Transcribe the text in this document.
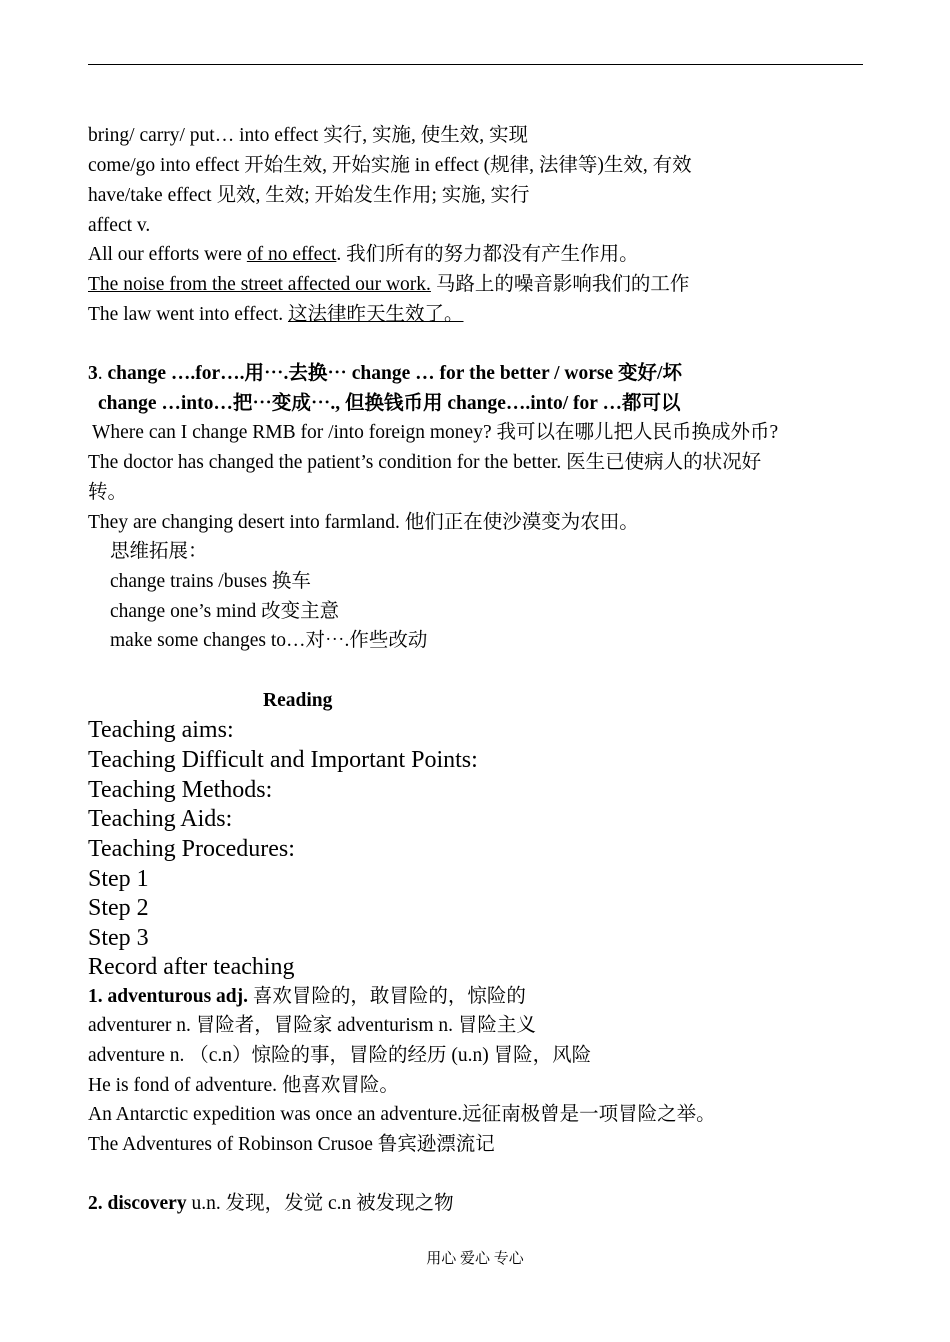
bring/ carry/ put… into effect 实行, 实施, 使生效, 实现
come/go into effect 开始生效, 开始实施 in effect (规律, 法律等)生效, 有效
have/take effect 见效, 生效; 开始发生作用; 实施, 实行
affect v.
All our efforts were of no effect. 我们所有的努力都没有产生作用。
The noise from the street affected our work. 马路上的噪音影响我们的工作
The law went into effect. 这法律昨天生效了。
3. change ….for….用⋯.去换⋯ change … for the better / worse 变好/坏
change …into…把⋯变成⋯., 但换钱币用 change….into/ for …都可以
Where can I change RMB for /into foreign money? 我可以在哪儿把人民币换成外币?
The doctor has changed the patient’s condition for the better. 医生已使病人的状况好
转。
They are changing desert into farmland. 他们正在使沙漠变为农田。
思维拓展：
change trains /buses 换车
change one’s mind 改变主意
make some changes to…对⋯.作些改动
Reading
Teaching aims:
Teaching Difficult and Important Points:
Teaching Methods:
Teaching Aids:
Teaching Procedures:
Step 1
Step 2
Step 3
Record after teaching
1. adventurous adj. 喜欢冒险的，敢冒险的，惊险的
adventurer n. 冒险者，冒险家 adventurism n. 冒险主义
adventure n. （c.n）惊险的事，冒险的经历 (u.n) 冒险，风险
He is fond of adventure. 他喜欢冒险。
An Antarctic expedition was once an adventure.远征南极曾是一项冒险之举。
The Adventures of Robinson Crusoe 鲁宾逊漂流记
2. discovery u.n. 发现，发觉 c.n 被发现之物
用心 爱心 专心
